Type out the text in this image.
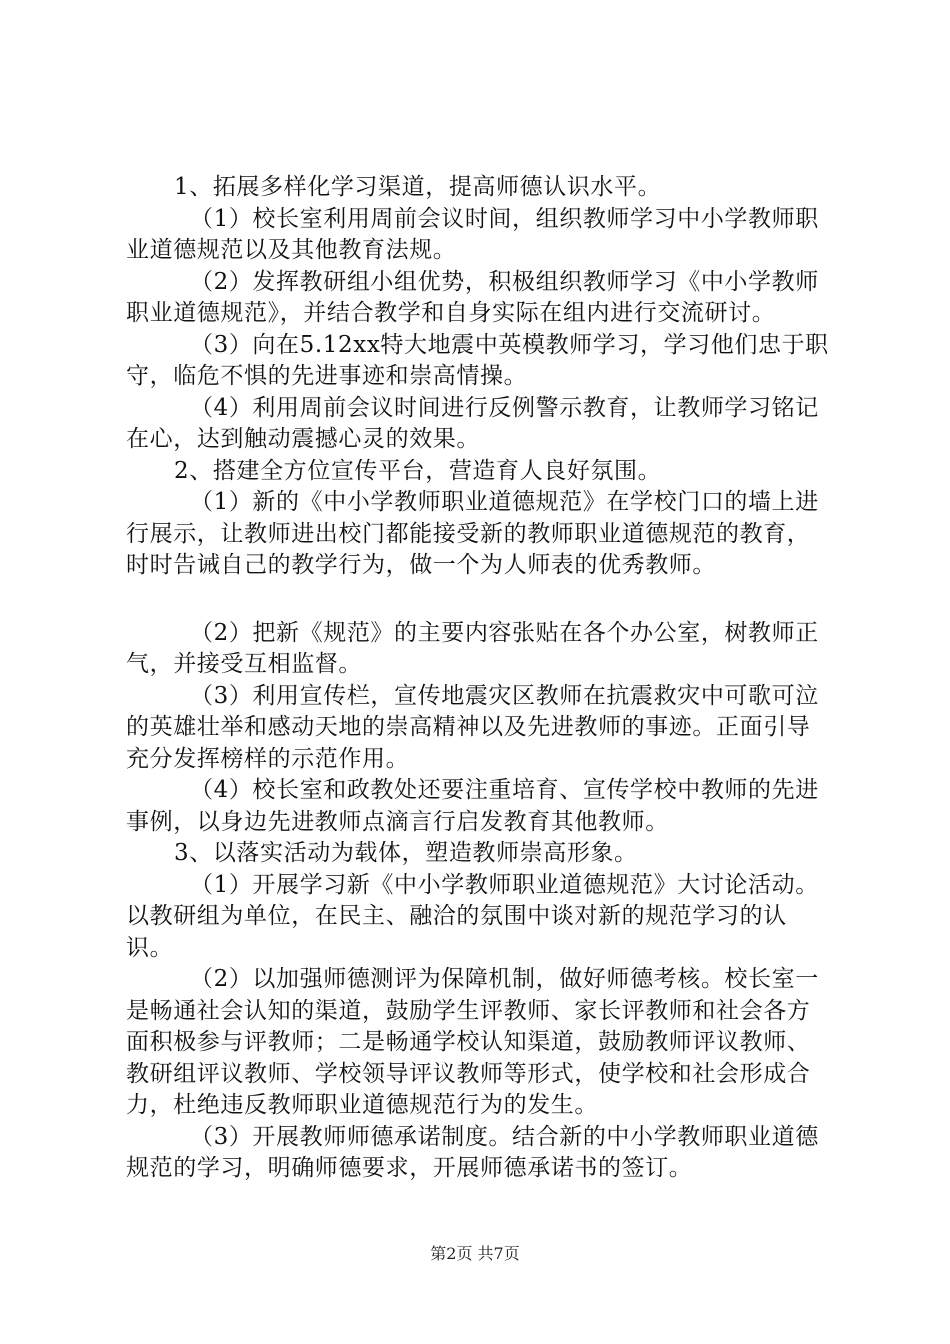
1、拓展多样化学习渠道，提高师德认识水平。

（1）校长室利用周前会议时间，组织教师学习中小学教师职业道德规范以及其他教育法规。

（2）发挥教研组小组优势，积极组织教师学习《中小学教师职业道德规范》，并结合教学和自身实际在组内进行交流研讨。

（3）向在5.12xx特大地震中英模教师学习，学习他们忠于职守，临危不惧的先进事迹和崇高情操。

（4）利用周前会议时间进行反例警示教育，让教师学习铭记在心，达到触动震撼心灵的效果。

2、搭建全方位宣传平台，营造育人良好氛围。

（1）新的《中小学教师职业道德规范》在学校门口的墙上进行展示，让教师进出校门都能接受新的教师职业道德规范的教育，时时告诫自己的教学行为，做一个为人师表的优秀教师。

（2）把新《规范》的主要内容张贴在各个办公室，树教师正气，并接受互相监督。

（3）利用宣传栏，宣传地震灾区教师在抗震救灾中可歌可泣的英雄壮举和感动天地的崇高精神以及先进教师的事迹。正面引导充分发挥榜样的示范作用。

（4）校长室和政教处还要注重培育、宣传学校中教师的先进事例，以身边先进教师点滴言行启发教育其他教师。

3、以落实活动为载体，塑造教师崇高形象。

（1）开展学习新《中小学教师职业道德规范》大讨论活动。以教研组为单位，在民主、融洽的氛围中谈对新的规范学习的认识。

（2）以加强师德测评为保障机制，做好师德考核。校长室一是畅通社会认知的渠道，鼓励学生评教师、家长评教师和社会各方面积极参与评教师；二是畅通学校认知渠道，鼓励教师评议教师、教研组评议教师、学校领导评议教师等形式，使学校和社会形成合力，杜绝违反教师职业道德规范行为的发生。

（3）开展教师师德承诺制度。结合新的中小学教师职业道德规范的学习，明确师德要求，开展师德承诺书的签订。

第2页 共7页
